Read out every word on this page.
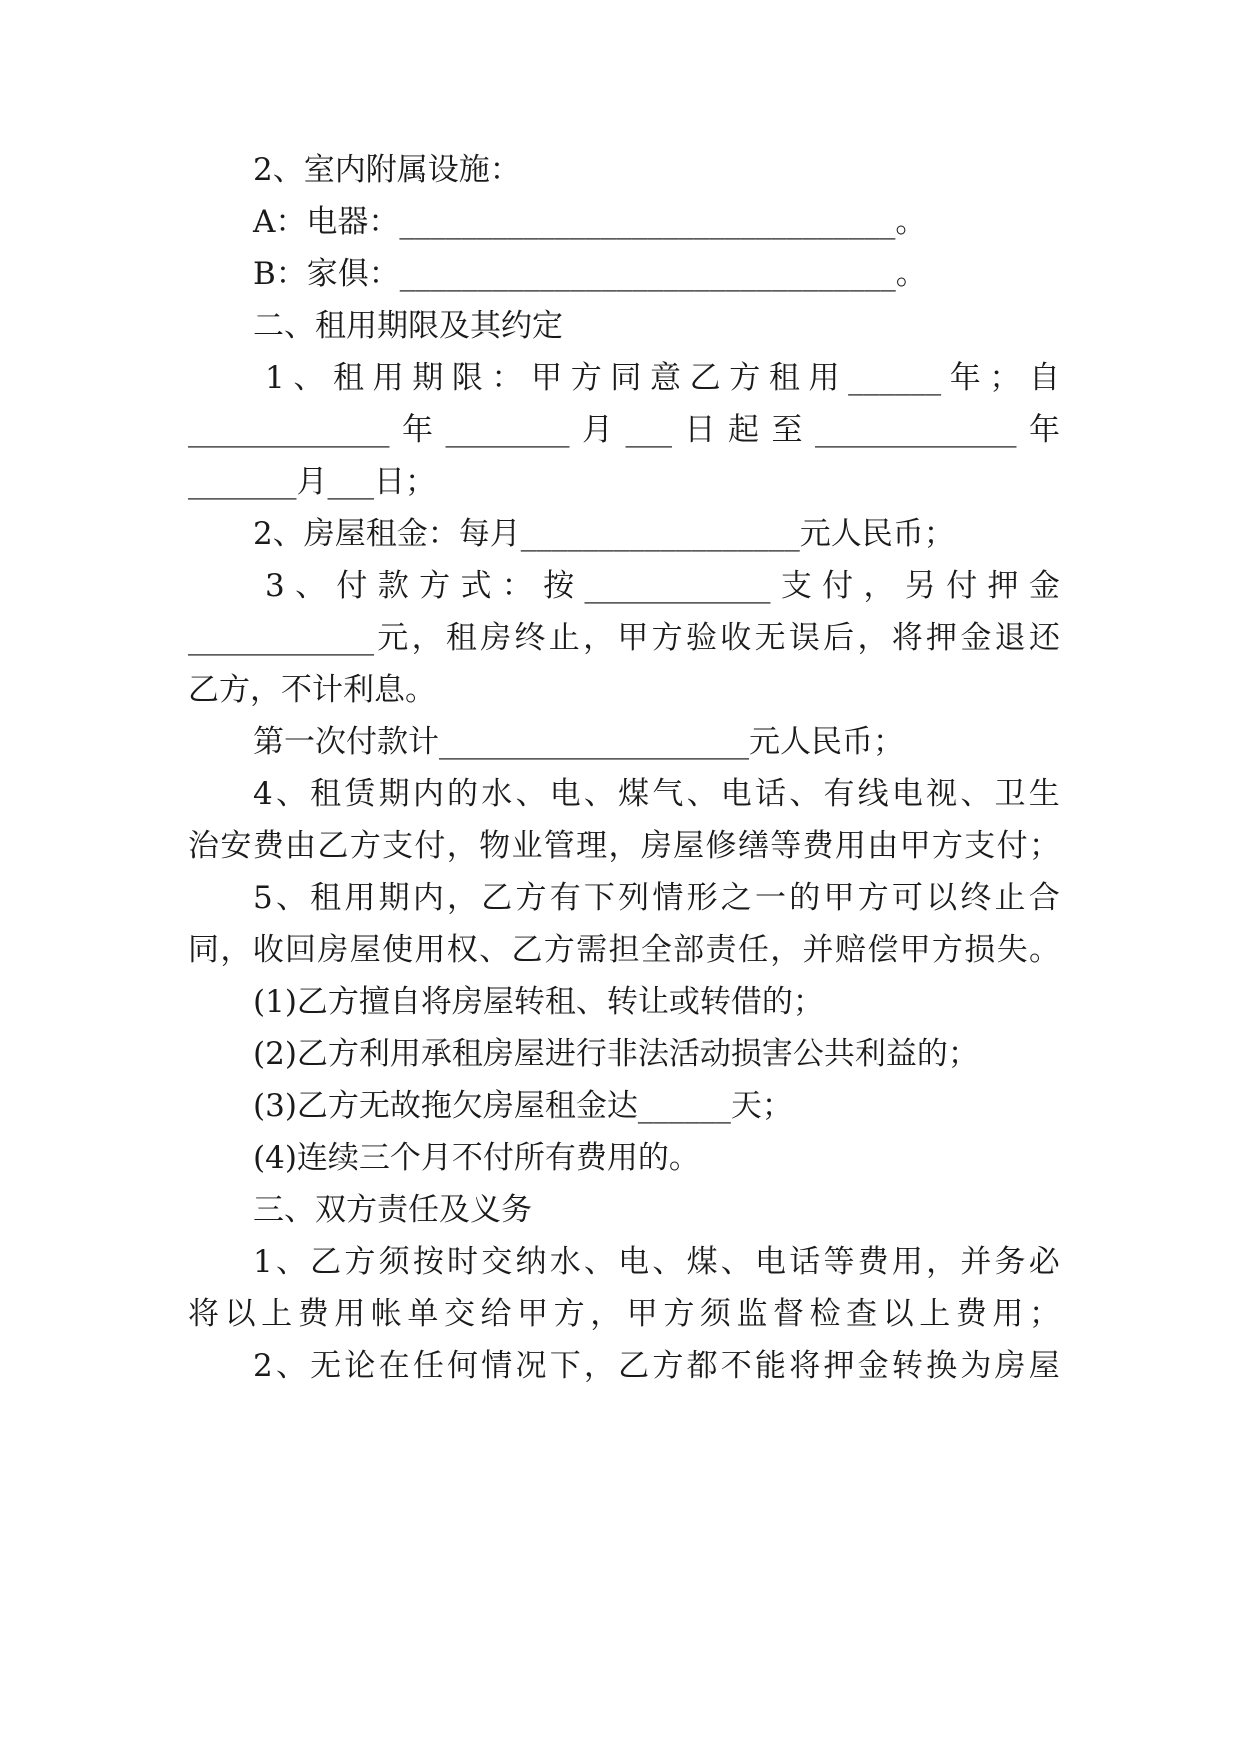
2、室内附属设施：

A：电器：________________________________。

B：家俱：________________________________。

二、租用期限及其约定

1 、 租 用 期 限 ： 甲 方 同 意 乙 方 租 用 ______ 年 ； 自

_____________ 年 ________ 月 ___ 日 起 至 _____________ 年

_______月___日；

2、房屋租金：每月__________________元人民币；

3 、 付 款 方 式 ： 按 ____________ 支 付 ， 另 付 押 金

____________ 元 ， 租 房 终 止 ， 甲 方 验 收 无 误 后 ， 将 押 金 退 还

乙方，不计利息。

第一次付款计____________________元人民币；

4 、 租 赁 期 内 的 水 、 电 、 煤 气 、 电 话 、 有 线 电 视 、 卫 生

治 安 费 由 乙 方 支 付 ， 物 业 管 理 ， 房 屋 修 缮 等 费 用 由 甲 方 支 付 ；

5 、 租 用 期 内 ， 乙 方 有 下 列 情 形 之 一 的 甲 方 可 以 终 止 合

同 ， 收 回 房 屋 使 用 权 、 乙 方 需 担 全 部 责 任 ， 并 赔 偿 甲 方 损 失 。

(1)乙方擅自将房屋转租、转让或转借的；

(2)乙方利用承租房屋进行非法活动损害公共利益的；

(3)乙方无故拖欠房屋租金达______天；

(4)连续三个月不付所有费用的。

三、双方责任及义务

1 、 乙 方 须 按 时 交 纳 水 、 电 、 煤 、 电 话 等 费 用 ， 并 务 必

将 以 上 费 用 帐 单 交 给 甲 方 ， 甲 方 须 监 督 检 查 以 上 费 用 ；

2 、 无 论 在 任 何 情 况 下 ， 乙 方 都 不 能 将 押 金 转 换 为 房 屋
